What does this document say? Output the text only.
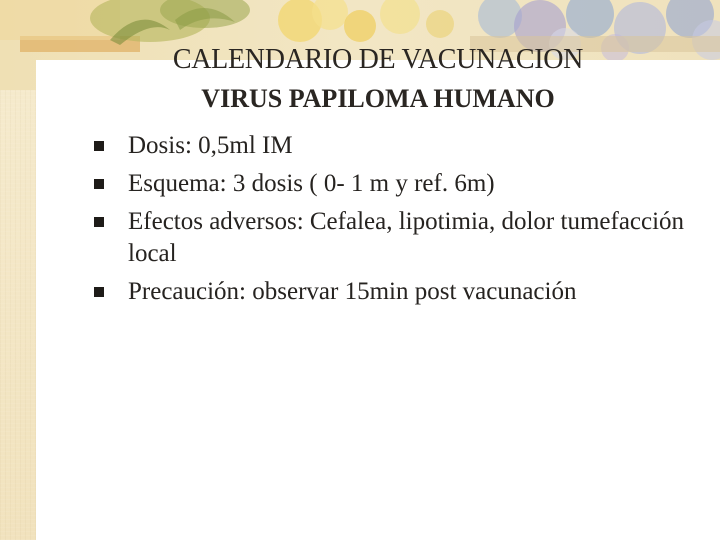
CALENDARIO DE VACUNACION
VIRUS PAPILOMA HUMANO
Dosis: 0,5ml IM
Esquema: 3 dosis ( 0- 1 m y ref. 6m)
Efectos adversos: Cefalea, lipotimia, dolor tumefacción local
Precaución: observar 15min post vacunación
